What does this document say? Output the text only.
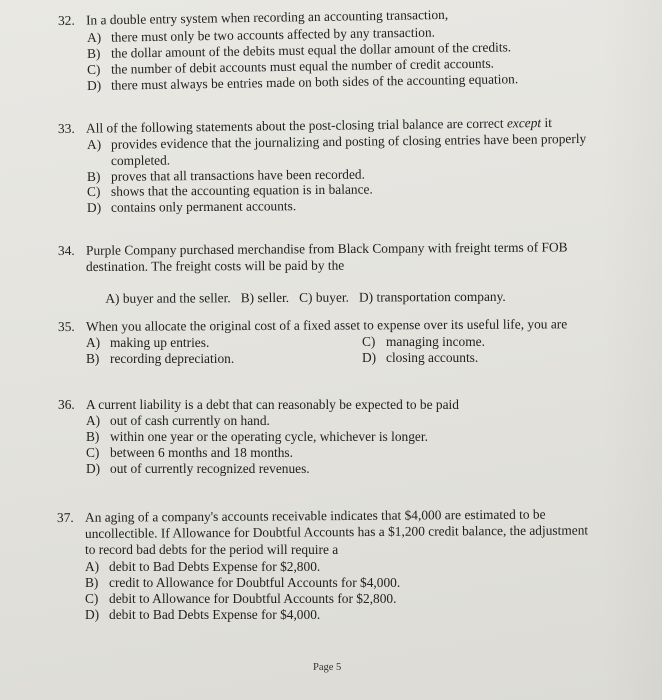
32. In a double entry system when recording an accounting transaction,
A) there must only be two accounts affected by any transaction.
B) the dollar amount of the debits must equal the dollar amount of the credits.
C) the number of debit accounts must equal the number of credit accounts.
D) there must always be entries made on both sides of the accounting equation.
33. All of the following statements about the post-closing trial balance are correct except it
A) provides evidence that the journalizing and posting of closing entries have been properly
completed.
B) proves that all transactions have been recorded.
C) shows that the accounting equation is in balance.
D) contains only permanent accounts.
34. Purple Company purchased merchandise from Black Company with freight terms of FOB
destination. The freight costs will be paid by the

A) buyer and the seller.   B) seller.   C) buyer.   D) transportation company.

35. When you allocate the original cost of a fixed asset to expense over its useful life, you are
A) making up entries.
B) recording depreciation.
C) managing income.
D) closing accounts.
36. A current liability is a debt that can reasonably be expected to be paid
A) out of cash currently on hand.
B) within one year or the operating cycle, whichever is longer.
C) between 6 months and 18 months.
D) out of currently recognized revenues.
37. An aging of a company's accounts receivable indicates that $4,000 are estimated to be
uncollectible. If Allowance for Doubtful Accounts has a $1,200 credit balance, the adjustment
to record bad debts for the period will require a
A) debit to Bad Debts Expense for $2,800.
B) credit to Allowance for Doubtful Accounts for $4,000.
C) debit to Allowance for Doubtful Accounts for $2,800.
D) debit to Bad Debts Expense for $4,000.
Page 5
